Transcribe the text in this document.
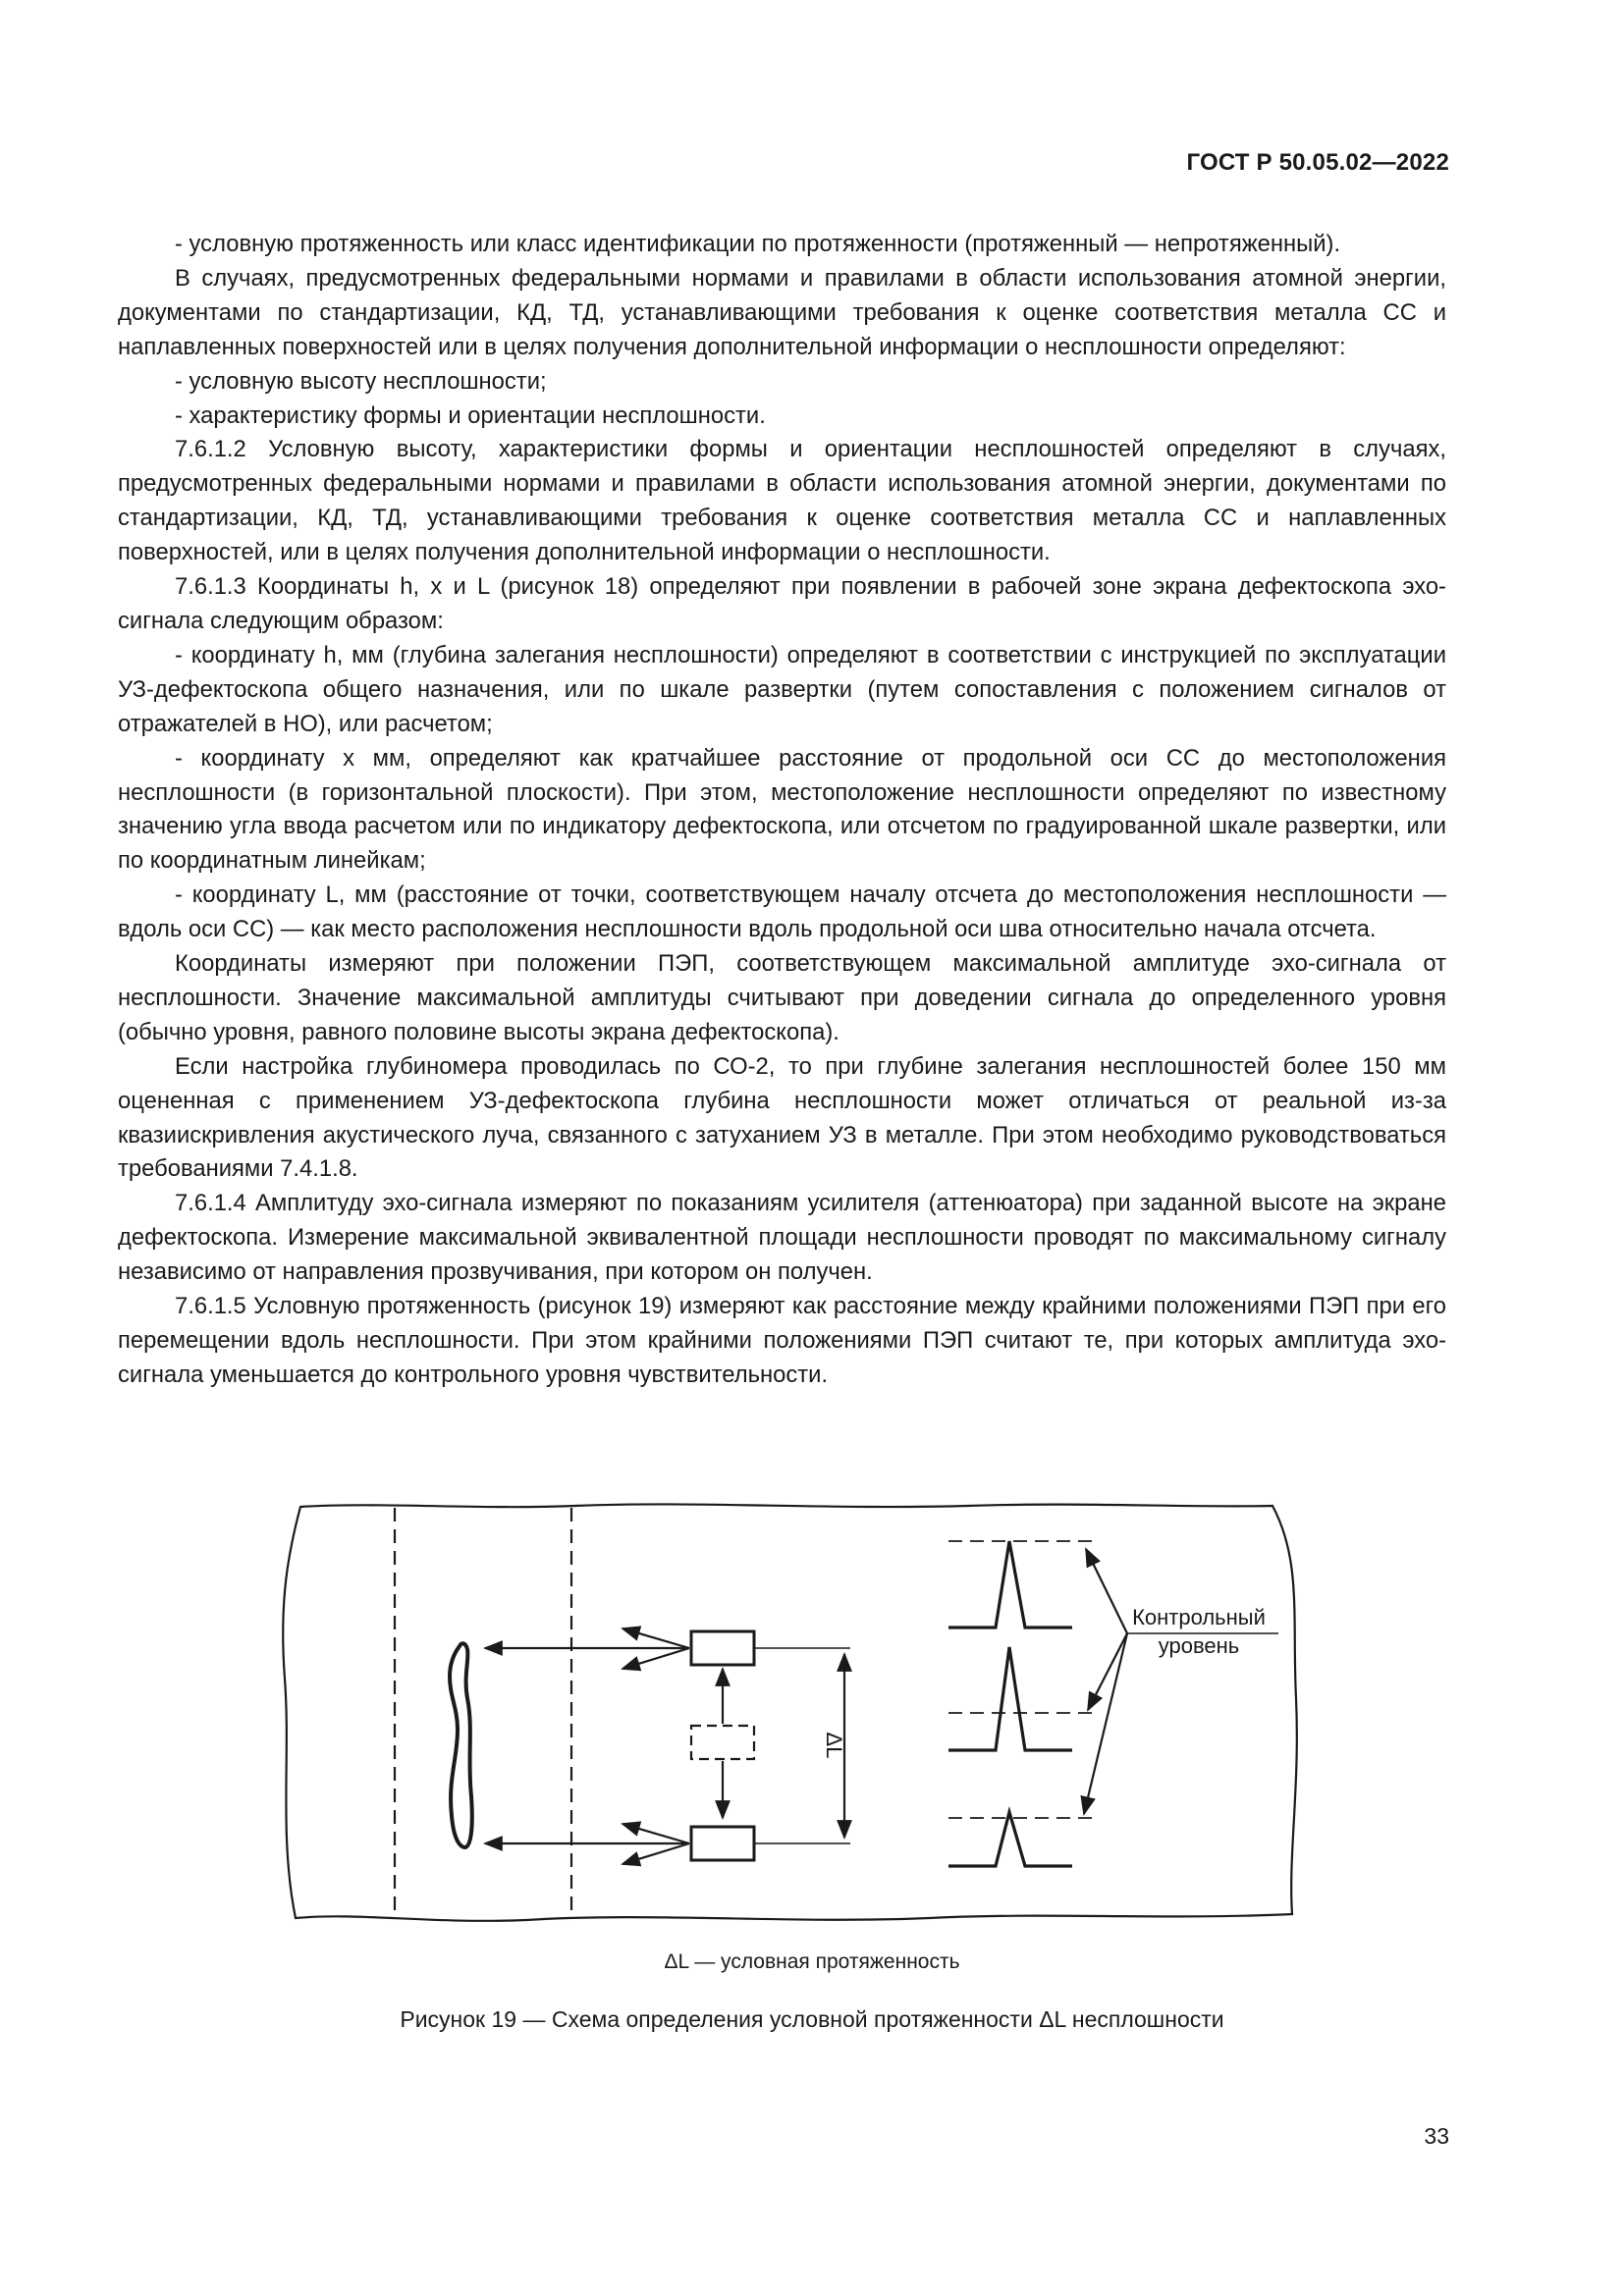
ГОСТ Р 50.05.02—2022

- условную протяженность или класс идентификации по протяженности (протяженный — непротяженный).

В случаях, предусмотренных федеральными нормами и правилами в области использования атомной энергии, документами по стандартизации, КД, ТД, устанавливающими требования к оценке соответствия металла СС и наплавленных поверхностей или в целях получения дополнительной информации о несплошности определяют:

- условную высоту несплошности;

- характеристику формы и ориентации несплошности.

7.6.1.2 Условную высоту, характеристики формы и ориентации несплошностей определяют в случаях, предусмотренных федеральными нормами и правилами в области использования атомной энергии, документами по стандартизации, КД, ТД, устанавливающими требования к оценке соответствия металла СС и наплавленных поверхностей, или в целях получения дополнительной информации о несплошности.

7.6.1.3 Координаты h, x и L (рисунок 18) определяют при появлении в рабочей зоне экрана дефектоскопа эхо-сигнала следующим образом:

- координату h, мм (глубина залегания несплошности) определяют в соответствии с инструкцией по эксплуатации УЗ-дефектоскопа общего назначения, или по шкале развертки (путем сопоставления с положением сигналов от отражателей в НО), или расчетом;

- координату x мм, определяют как кратчайшее расстояние от продольной оси СС до местоположения несплошности (в горизонтальной плоскости). При этом, местоположение несплошности определяют по известному значению угла ввода расчетом или по индикатору дефектоскопа, или отсчетом по градуированной шкале развертки, или по координатным линейкам;

- координату L, мм (расстояние от точки, соответствующем началу отсчета до местоположения несплошности — вдоль оси СС) — как место расположения несплошности вдоль продольной оси шва относительно начала отсчета.

Координаты измеряют при положении ПЭП, соответствующем максимальной амплитуде эхо-сигнала от несплошности. Значение максимальной амплитуды считывают при доведении сигнала до определенного уровня (обычно уровня, равного половине высоты экрана дефектоскопа).

Если настройка глубиномера проводилась по СО-2, то при глубине залегания несплошностей более 150 мм оцененная с применением УЗ-дефектоскопа глубина несплошности может отличаться от реальной из-за квазиискривления акустического луча, связанного с затуханием УЗ в металле. При этом необходимо руководствоваться требованиями 7.4.1.8.

7.6.1.4 Амплитуду эхо-сигнала измеряют по показаниям усилителя (аттенюатора) при заданной высоте на экране дефектоскопа. Измерение максимальной эквивалентной площади несплошности проводят по максимальному сигналу независимо от направления прозвучивания, при котором он получен.

7.6.1.5 Условную протяженность (рисунок 19) измеряют как расстояние между крайними положениями ПЭП при его перемещении вдоль несплошности. При этом крайними положениями ПЭП считают те, при которых амплитуда эхо-сигнала уменьшается до контрольного уровня чувствительности.

Контрольный
уровень
ΔL
ΔL — условная протяженность
Рисунок 19 — Схема определения условной протяженности ΔL несплошности
33
